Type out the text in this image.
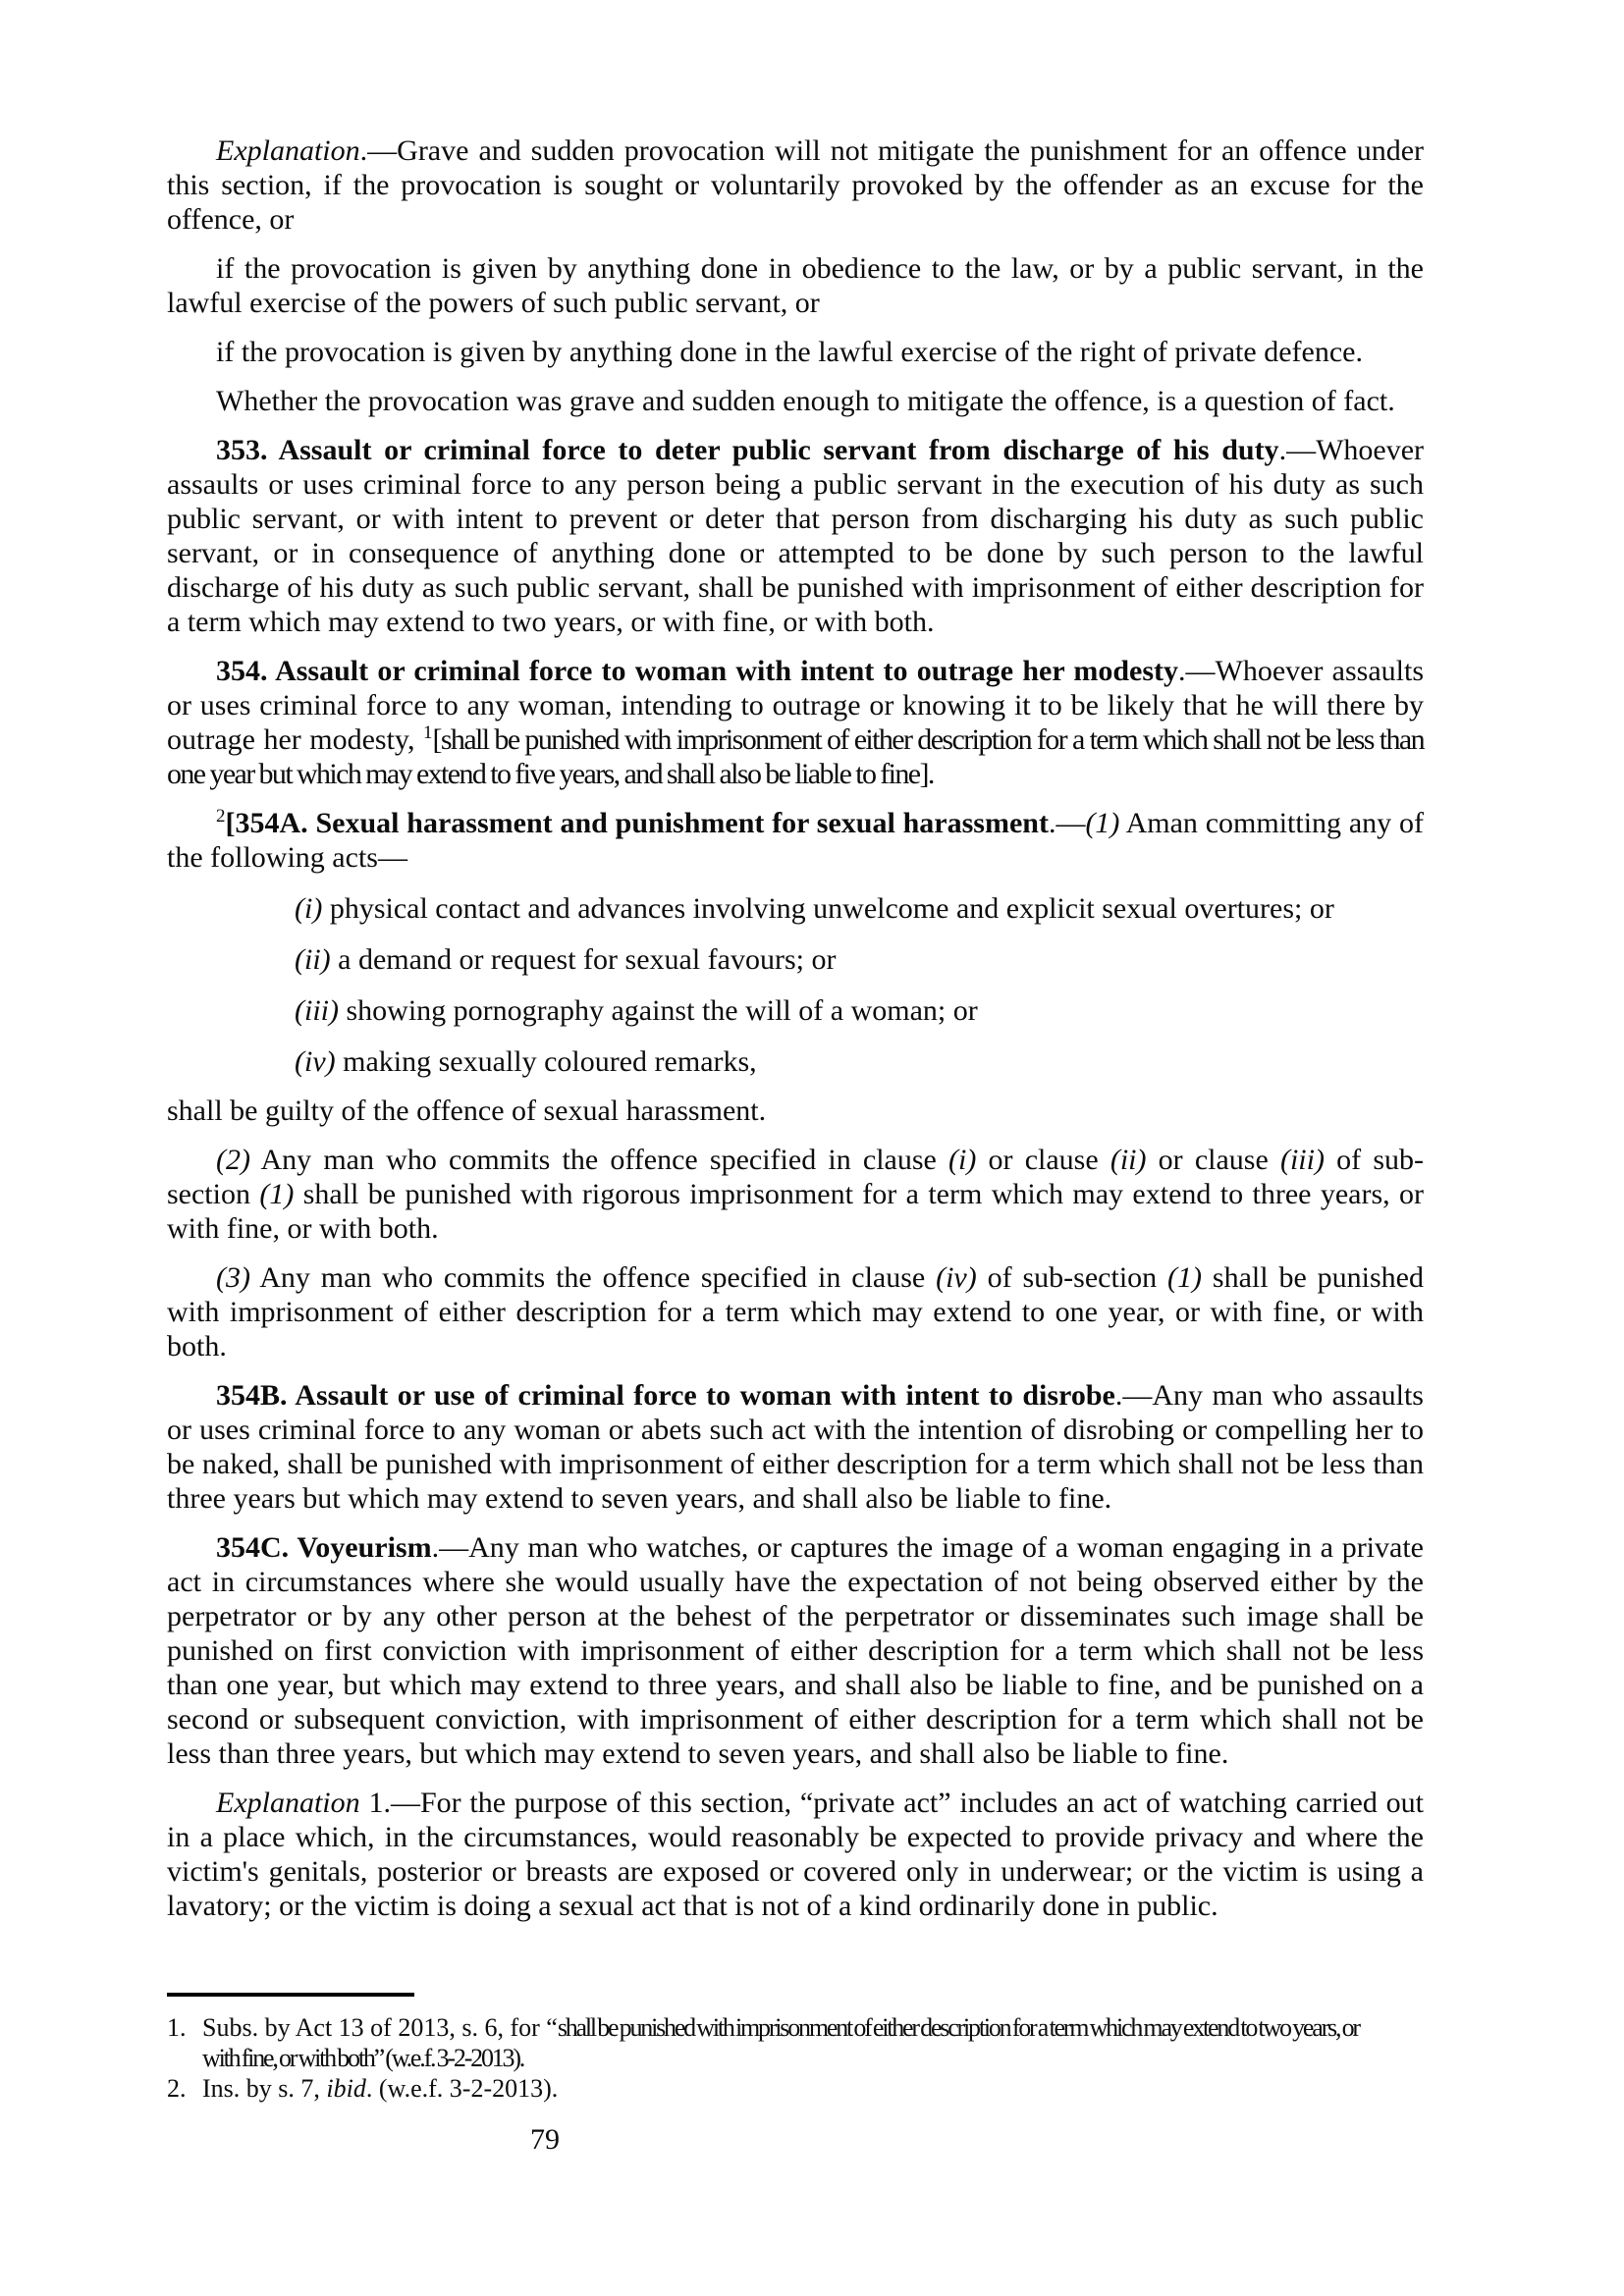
Explanation.—Grave and sudden provocation will not mitigate the punishment for an offence under this section, if the provocation is sought or voluntarily provoked by the offender as an excuse for the offence, or

if the provocation is given by anything done in obedience to the law, or by a public servant, in the lawful exercise of the powers of such public servant, or

if the provocation is given by anything done in the lawful exercise of the right of private defence.

Whether the provocation was grave and sudden enough to mitigate the offence, is a question of fact.

353. Assault or criminal force to deter public servant from discharge of his duty.—Whoever assaults or uses criminal force to any person being a public servant in the execution of his duty as such public servant, or with intent to prevent or deter that person from discharging his duty as such public servant, or in consequence of anything done or attempted to be done by such person to the lawful discharge of his duty as such public servant, shall be punished with imprisonment of either description for a term which may extend to two years, or with fine, or with both.

354. Assault or criminal force to woman with intent to outrage her modesty.—Whoever assaults or uses criminal force to any woman, intending to outrage or knowing it to be likely that he will there by outrage her modesty, $^1$[shall be punished with imprisonment of either description for a term which shall not be less than one year but which may extend to five years, and shall also be liable to fine].

$^2$[354A. Sexual harassment and punishment for sexual harassment.—(1) Aman committing any of the following acts—

(i) physical contact and advances involving unwelcome and explicit sexual overtures; or

(ii) a demand or request for sexual favours; or

(iii) showing pornography against the will of a woman; or

(iv) making sexually coloured remarks,

shall be guilty of the offence of sexual harassment.

(2) Any man who commits the offence specified in clause (i) or clause (ii) or clause (iii) of sub-section (1) shall be punished with rigorous imprisonment for a term which may extend to three years, or with fine, or with both.

(3) Any man who commits the offence specified in clause (iv) of sub-section (1) shall be punished with imprisonment of either description for a term which may extend to one year, or with fine, or with both.

354B. Assault or use of criminal force to woman with intent to disrobe.—Any man who assaults or uses criminal force to any woman or abets such act with the intention of disrobing or compelling her to be naked, shall be punished with imprisonment of either description for a term which shall not be less than three years but which may extend to seven years, and shall also be liable to fine.

354C. Voyeurism.—Any man who watches, or captures the image of a woman engaging in a private act in circumstances where she would usually have the expectation of not being observed either by the perpetrator or by any other person at the behest of the perpetrator or disseminates such image shall be punished on first conviction with imprisonment of either description for a term which shall not be less than one year, but which may extend to three years, and shall also be liable to fine, and be punished on a second or subsequent conviction, with imprisonment of either description for a term which shall not be less than three years, but which may extend to seven years, and shall also be liable to fine.

Explanation 1.—For the purpose of this section, “private act” includes an act of watching carried out in a place which, in the circumstances, would reasonably be expected to provide privacy and where the victim's genitals, posterior or breasts are exposed or covered only in underwear; or the victim is using a lavatory; or the victim is doing a sexual act that is not of a kind ordinarily done in public.

1. Subs. by Act 13 of 2013, s. 6, for “shall be punished with imprisonment of either description for a term which may extend to two years, or
with fine, or with both” (w.e.f. 3-2-2013).
2. Ins. by s. 7, ibid. (w.e.f. 3-2-2013).
79
